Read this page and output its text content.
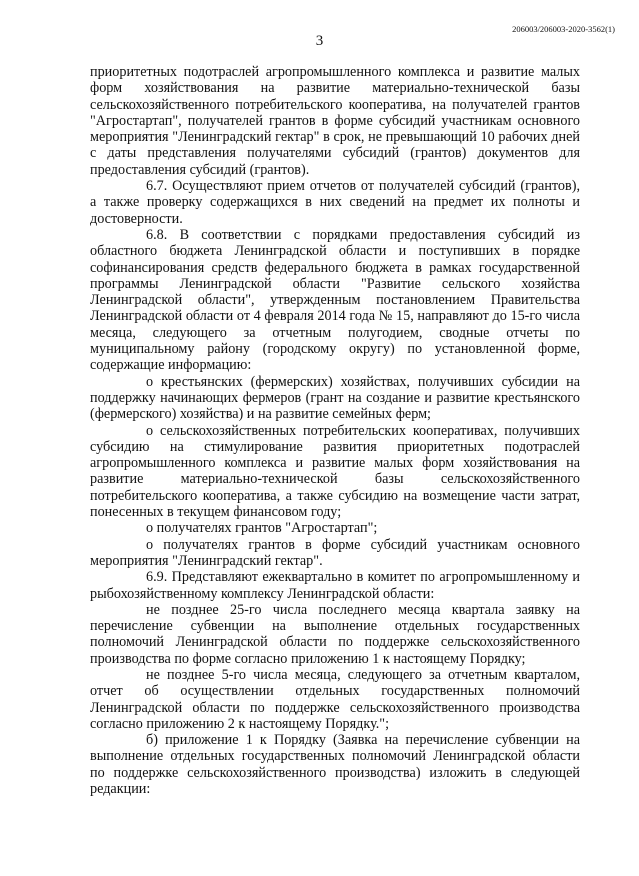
206003/206003-2020-3562(1)
3

приоритетных подотраслей агропромышленного комплекса и развитие малых форм хозяйствования на развитие материально-технической базы сельскохозяйственного потребительского кооператива, на получателей грантов "Агростартап", получателей грантов в форме субсидий участникам основного мероприятия "Ленинградский гектар" в срок, не превышающий 10 рабочих дней с даты представления получателями субсидий (грантов) документов для предоставления субсидий (грантов).

6.7. Осуществляют прием отчетов от получателей субсидий (грантов), а также проверку содержащихся в них сведений на предмет их полноты и достоверности.

6.8. В соответствии с порядками предоставления субсидий из областного бюджета Ленинградской области и поступивших в порядке софинансирования средств федерального бюджета в рамках государственной программы Ленинградской области "Развитие сельского хозяйства Ленинградской области", утвержденным постановлением Правительства Ленинградской области от 4 февраля 2014 года № 15, направляют до 15-го числа месяца, следующего за отчетным полугодием, сводные отчеты по муниципальному району (городскому округу) по установленной форме, содержащие информацию:

о крестьянских (фермерских) хозяйствах, получивших субсидии на поддержку начинающих фермеров (грант на создание и развитие крестьянского (фермерского) хозяйства) и на развитие семейных ферм;

о сельскохозяйственных потребительских кооперативах, получивших субсидию на стимулирование развития приоритетных подотраслей агропромышленного комплекса и развитие малых форм хозяйствования на развитие материально-технической базы сельскохозяйственного потребительского кооператива, а также субсидию на возмещение части затрат, понесенных в текущем финансовом году;

о получателях грантов "Агростартап";

о получателях грантов в форме субсидий участникам основного мероприятия "Ленинградский гектар".

6.9. Представляют ежеквартально в комитет по агропромышленному и рыбохозяйственному комплексу Ленинградской области:

не позднее 25-го числа последнего месяца квартала заявку на перечисление субвенции на выполнение отдельных государственных полномочий Ленинградской области по поддержке сельскохозяйственного производства по форме согласно приложению 1 к настоящему Порядку;

не позднее 5-го числа месяца, следующего за отчетным кварталом, отчет об осуществлении отдельных государственных полномочий Ленинградской области по поддержке сельскохозяйственного производства согласно приложению 2 к настоящему Порядку.";

б) приложение 1 к Порядку (Заявка на перечисление субвенции на выполнение отдельных государственных полномочий Ленинградской области по поддержке сельскохозяйственного производства) изложить в следующей редакции:
